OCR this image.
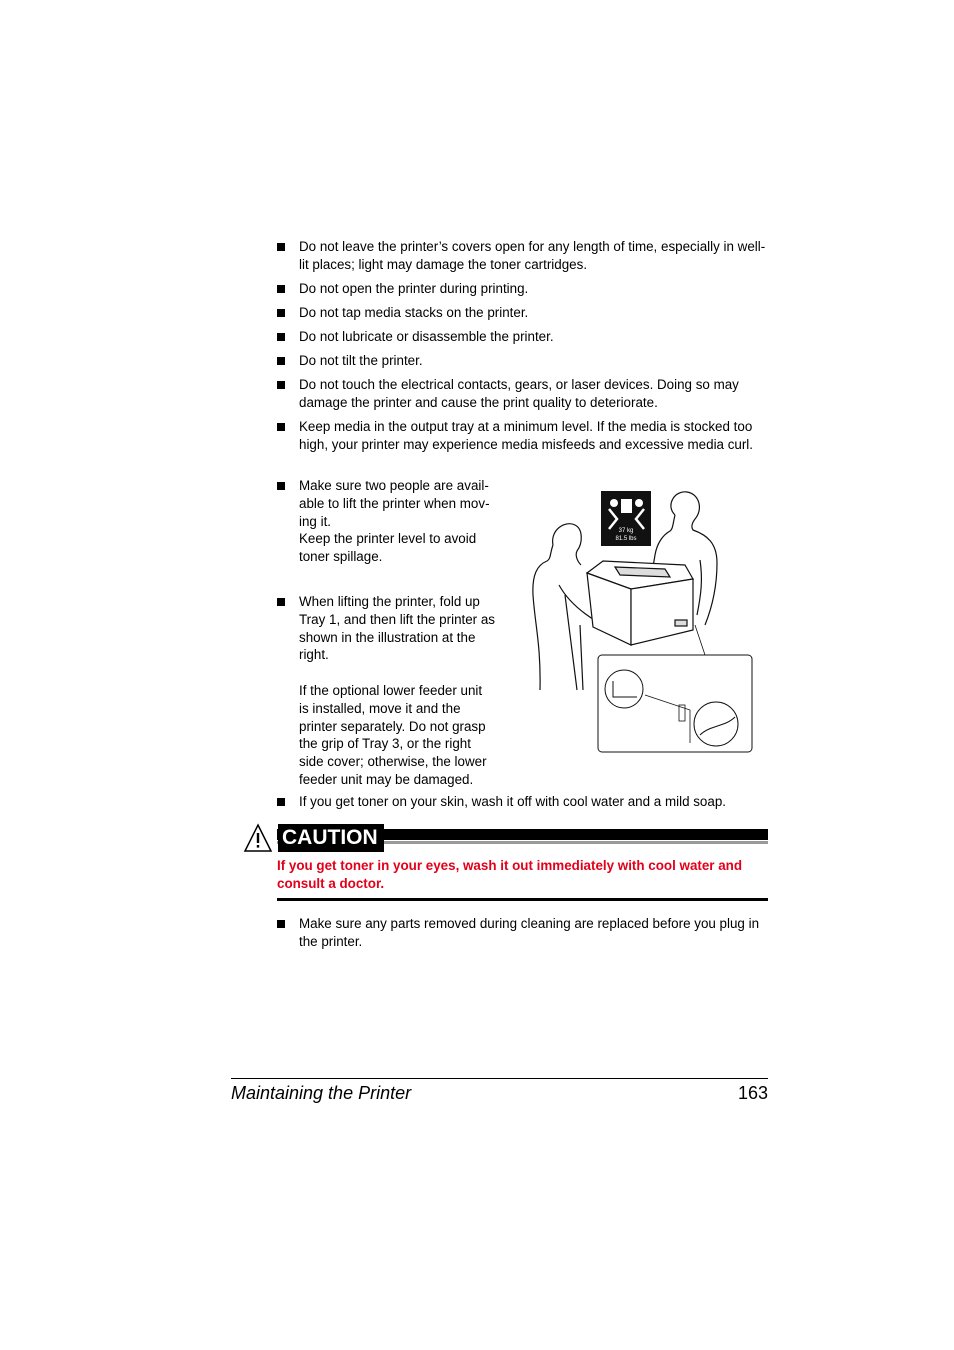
Do not leave the printer’s covers open for any length of time, especially in well-lit places; light may damage the toner cartridges.
Do not open the printer during printing.
Do not tap media stacks on the printer.
Do not lubricate or disassemble the printer.
Do not tilt the printer.
Do not touch the electrical contacts, gears, or laser devices. Doing so may damage the printer and cause the print quality to deteriorate.
Keep media in the output tray at a minimum level. If the media is stocked too high, your printer may experience media misfeeds and excessive media curl.
Make sure two people are avail-
able to lift the printer when mov-
ing it.
Keep the printer level to avoid
toner spillage.
When lifting the printer, fold up
Tray 1, and then lift the printer as
shown in the illustration at the
right.
If the optional lower feeder unit
is installed, move it and the
printer separately. Do not grasp
the grip of Tray 3, or the right
side cover; otherwise, the lower
feeder unit may be damaged.
37 kg
81.5 lbs
If you get toner on your skin, wash it off with cool water and a mild soap.
CAUTION
If you get toner in your eyes, wash it out immediately with cool water and consult a doctor.
Make sure any parts removed during cleaning are replaced before you plug in the printer.
Maintaining the Printer	163
